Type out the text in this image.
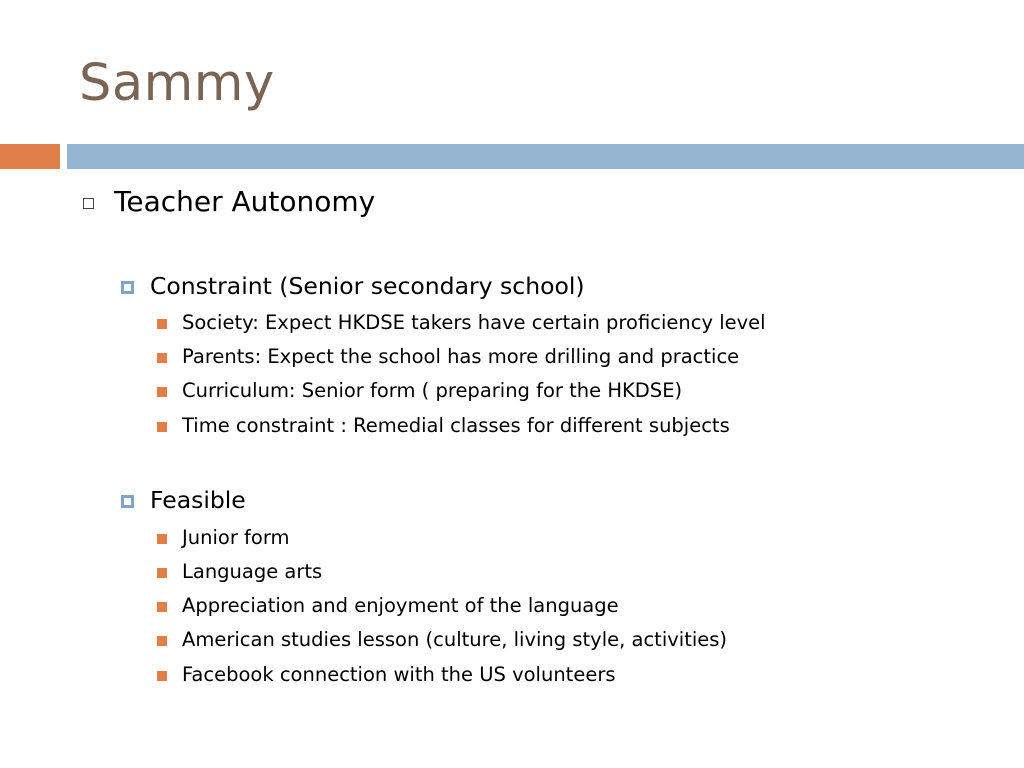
Sammy
Teacher Autonomy
Constraint (Senior secondary school)
Society: Expect HKDSE takers have certain proficiency level
Parents: Expect the school has more drilling and practice
Curriculum: Senior form ( preparing for the HKDSE)
Time constraint : Remedial classes for different subjects
Feasible
Junior form
Language arts
Appreciation and enjoyment of the language
American studies lesson (culture, living style, activities)
Facebook connection with the US volunteers
